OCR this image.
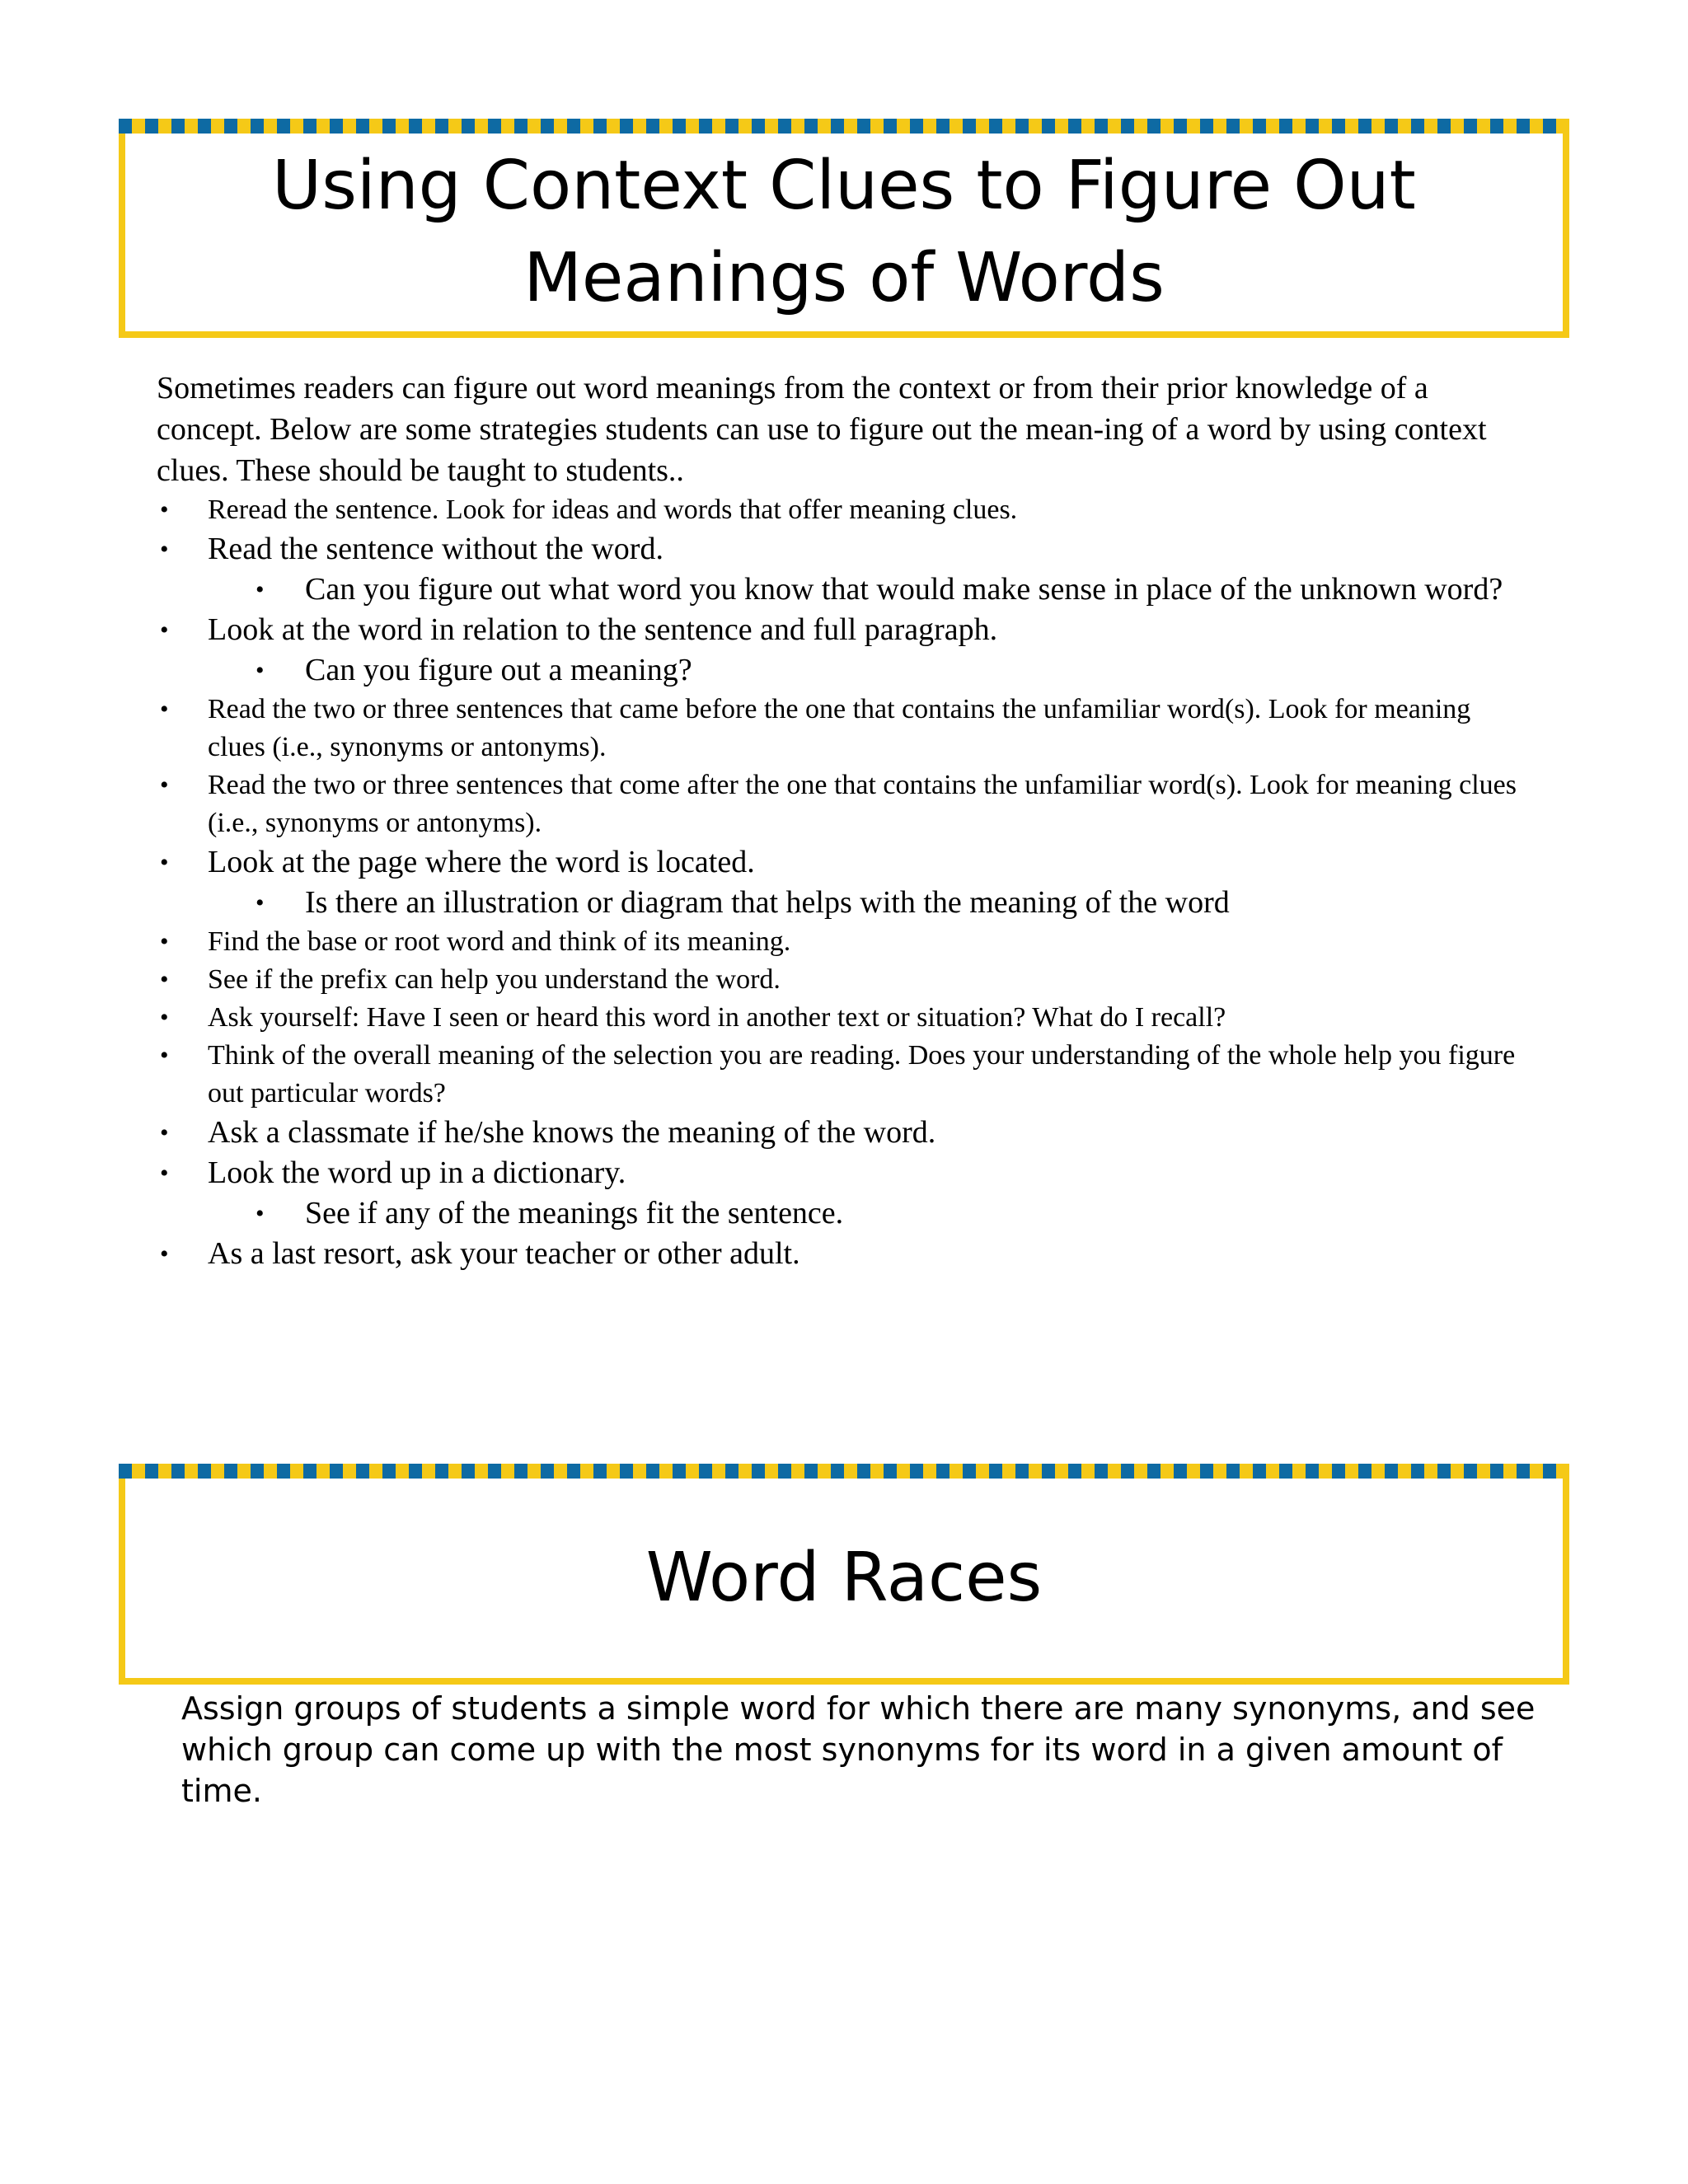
Using Context Clues to Figure Out
Meanings of Words

Sometimes readers can figure out word meanings from the context or from their prior knowledge of a concept. Below are some strategies students can use to figure out the mean-ing of a word by using context clues. These should be taught to students..

• Reread the sentence. Look for ideas and words that offer meaning clues.
• Read the sentence without the word.
• Can you figure out what word you know that would make sense in place of the unknown word?
• Look at the word in relation to the sentence and full paragraph.
• Can you figure out a meaning?
• Read the two or three sentences that came before the one that contains the unfamiliar word(s). Look for meaning clues (i.e., synonyms or antonyms).
• Read the two or three sentences that come after the one that contains the unfamiliar word(s). Look for meaning clues (i.e., synonyms or antonyms).
• Look at the page where the word is located.
• Is there an illustration or diagram that helps with the meaning of the word
• Find the base or root word and think of its meaning.
• See if the prefix can help you understand the word.
• Ask yourself: Have I seen or heard this word in another text or situation? What do I recall?
• Think of the overall meaning of the selection you are reading. Does your understanding of the whole help you figure out particular words?
• Ask a classmate if he/she knows the meaning of the word.
• Look the word up in a dictionary.
• See if any of the meanings fit the sentence.
• As a last resort, ask your teacher or other adult.
Word Races

Assign groups of students a simple word for which there are many synonyms, and see which group can come up with the most synonyms for its word in a given amount of time.
